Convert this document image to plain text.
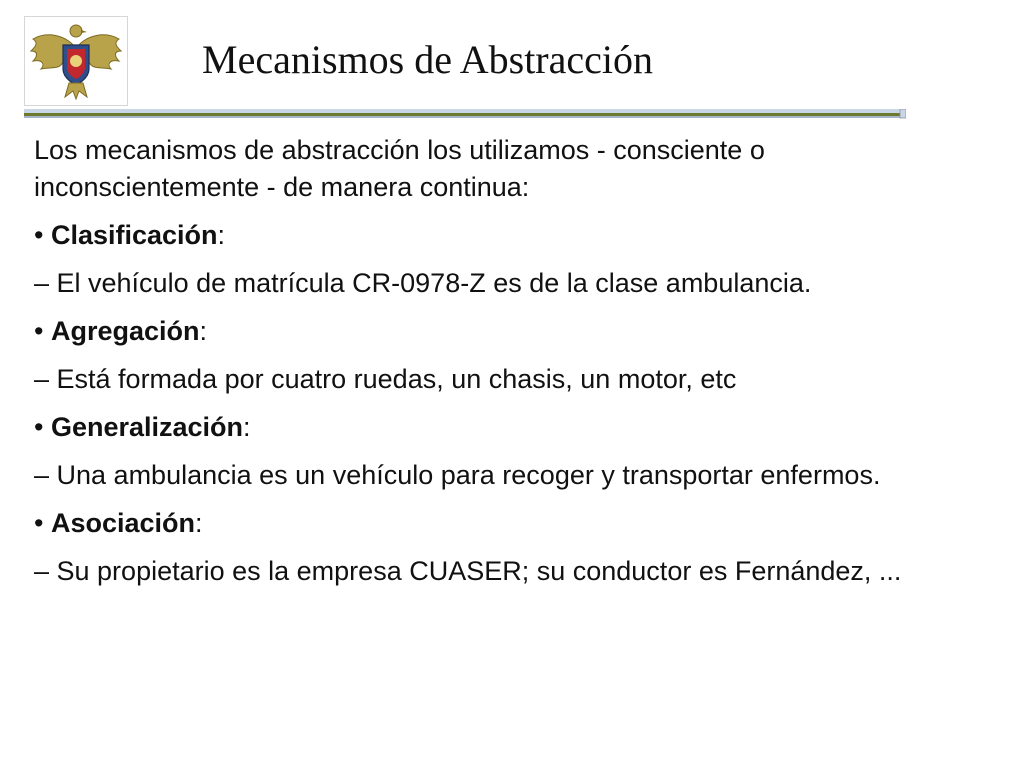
Mecanismos de Abstracción

Los mecanismos de abstracción los utilizamos - consciente o inconscientemente - de manera continua:

• Clasificación:

– El vehículo de matrícula CR-0978-Z es de la clase ambulancia.

• Agregación:

– Está formada por cuatro ruedas, un chasis, un motor, etc

• Generalización:

– Una ambulancia es un vehículo para recoger y transportar enfermos.

• Asociación:

– Su propietario es la empresa CUASER; su conductor es Fernández, ...
